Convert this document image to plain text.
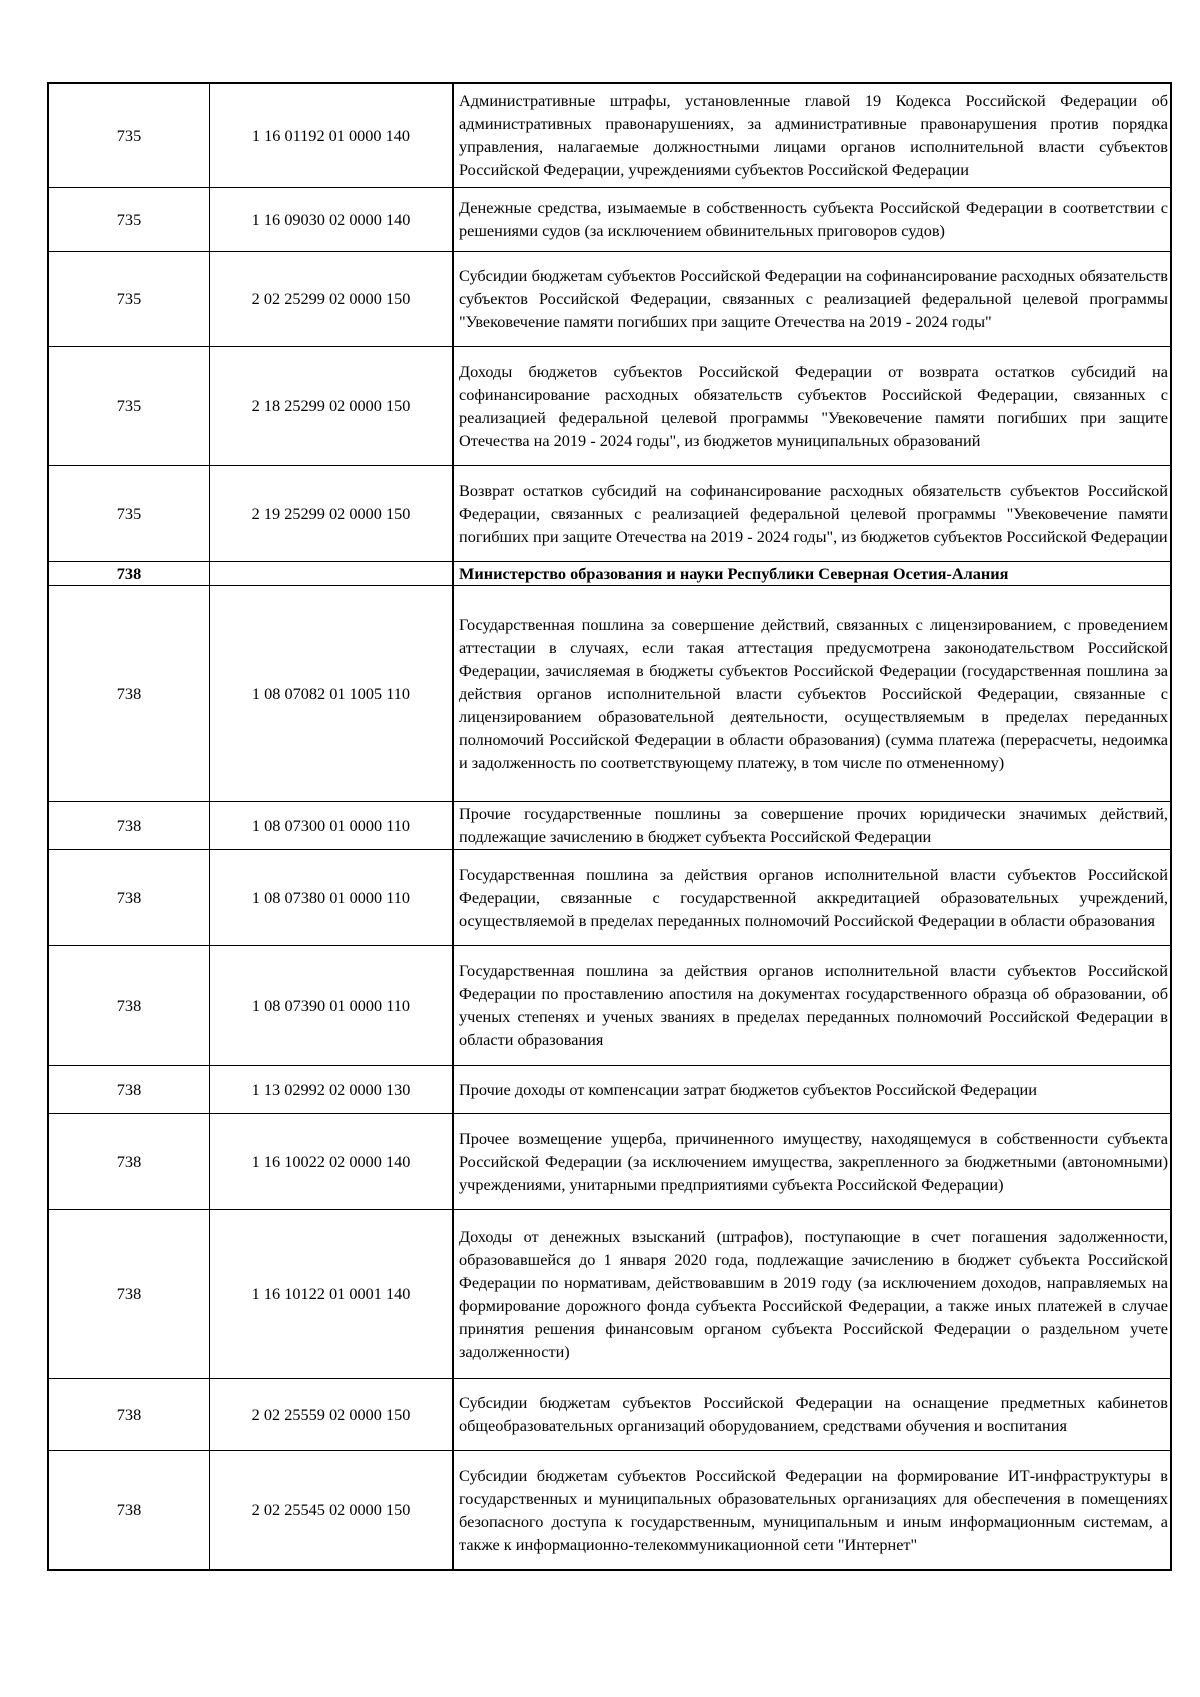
735	1 16 01192 01 0000 140	Административные штрафы, установленные главой 19 Кодекса Российской Федерации об административных правонарушениях, за административные правонарушения против порядка управления, налагаемые должностными лицами органов исполнительной власти субъектов Российской Федерации, учреждениями субъектов Российской Федерации
735	1 16 09030 02 0000 140	Денежные средства, изымаемые в собственность субъекта Российской Федерации в соответствии с решениями судов (за исключением обвинительных приговоров судов)
735	2 02 25299 02 0000 150	Субсидии бюджетам субъектов Российской Федерации на софинансирование расходных обязательств субъектов Российской Федерации, связанных с реализацией федеральной целевой программы "Увековечение памяти погибших при защите Отечества на 2019 - 2024 годы"
735	2 18 25299 02 0000 150	Доходы бюджетов субъектов Российской Федерации от возврата остатков субсидий на софинансирование расходных обязательств субъектов Российской Федерации, связанных с реализацией федеральной целевой программы "Увековечение памяти погибших при защите Отечества на 2019 - 2024 годы", из бюджетов муниципальных образований
735	2 19 25299 02 0000 150	Возврат остатков субсидий на софинансирование расходных обязательств субъектов Российской Федерации, связанных с реализацией федеральной целевой программы "Увековечение памяти погибших при защите Отечества на 2019 - 2024 годы", из бюджетов субъектов Российской Федерации
738		Министерство образования и науки Республики Северная Осетия-Алания
738	1 08 07082 01 1005 110	Государственная пошлина за совершение действий, связанных с лицензированием, с проведением аттестации в случаях, если такая аттестация предусмотрена законодательством Российской Федерации, зачисляемая в бюджеты субъектов Российской Федерации (государственная пошлина за действия органов исполнительной власти субъектов Российской Федерации, связанные с лицензированием образовательной деятельности, осуществляемым в пределах переданных полномочий Российской Федерации в области образования) (сумма платежа (перерасчеты, недоимка и задолженность по соответствующему платежу, в том числе по отмененному)
738	1 08 07300 01 0000 110	Прочие государственные пошлины за совершение прочих юридически значимых действий, подлежащие зачислению в бюджет субъекта Российской Федерации
738	1 08 07380 01 0000 110	Государственная пошлина за действия органов исполнительной власти субъектов Российской Федерации, связанные с государственной аккредитацией образовательных учреждений, осуществляемой в пределах переданных полномочий Российской Федерации в области образования
738	1 08 07390 01 0000 110	Государственная пошлина за действия органов исполнительной власти субъектов Российской Федерации по проставлению апостиля на документах государственного образца об образовании, об ученых степенях и ученых званиях в пределах переданных полномочий Российской Федерации в области образования
738	1 13 02992 02 0000 130	Прочие доходы от компенсации затрат бюджетов субъектов Российской Федерации
738	1 16 10022 02 0000 140	Прочее возмещение ущерба, причиненного имуществу, находящемуся в собственности субъекта Российской Федерации (за исключением имущества, закрепленного за бюджетными (автономными) учреждениями, унитарными предприятиями субъекта Российской Федерации)
738	1 16 10122 01 0001 140	Доходы от денежных взысканий (штрафов), поступающие в счет погашения задолженности, образовавшейся до 1 января 2020 года, подлежащие зачислению в бюджет субъекта Российской Федерации по нормативам, действовавшим в 2019 году (за исключением доходов, направляемых на формирование дорожного фонда субъекта Российской Федерации, а также иных платежей в случае принятия решения финансовым органом субъекта Российской Федерации о раздельном учете задолженности)
738	2 02 25559 02 0000 150	Субсидии бюджетам субъектов Российской Федерации на оснащение предметных кабинетов общеобразовательных организаций оборудованием, средствами обучения и воспитания
738	2 02 25545 02 0000 150	Субсидии бюджетам субъектов Российской Федерации на формирование ИТ-инфраструктуры в государственных и муниципальных образовательных организациях для обеспечения в помещениях безопасного доступа к государственным, муниципальным и иным информационным системам, а также к информационно-телекоммуникационной сети "Интернет"
